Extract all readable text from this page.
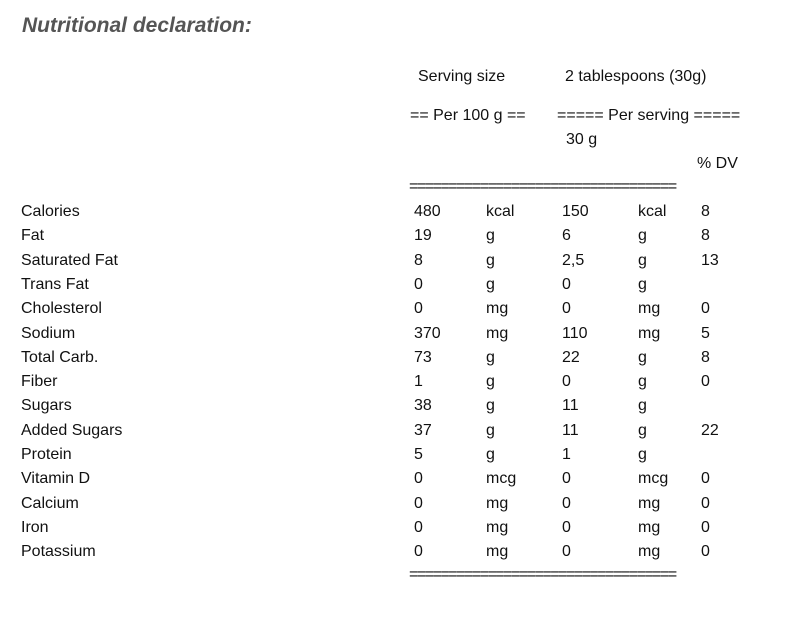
Nutritional declaration:
Serving size	2 tablespoons (30g)
== Per 100 g == ===== Per serving =====
30 g
% DV
==================================
Calories	480	kcal	150	kcal 8
Fat	19	g	6	g	8
Saturated Fat	8	g	2,5	g	13
Trans Fat	0	g	0	g
Cholesterol	0	mg	0	mg	0
Sodium	370	mg	110	mg	5
Total Carb.	73	g	22	g	8
Fiber	1	g	0	g	0
Sugars	38	g	11	g
Added Sugars	37	g	11	g	22
Protein	5	g	1	g
Vitamin D	0	mcg	0	mcg 0
Calcium	0	mg	0	mg	0
Iron	0	mg	0	mg	0
Potassium	0	mg	0	mg	0
==================================
